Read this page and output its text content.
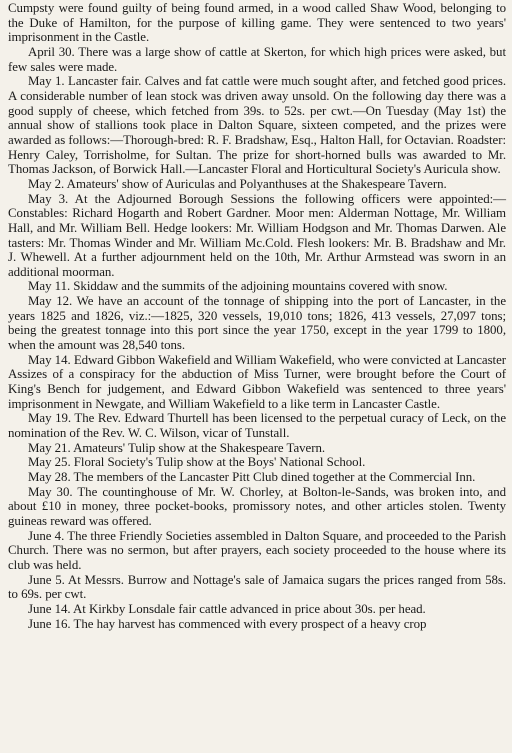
Cumpsty were found guilty of being found armed, in a wood called Shaw Wood, belonging to the Duke of Hamilton, for the purpose of killing game. They were sentenced to two years' imprisonment in the Castle.

April 30. There was a large show of cattle at Skerton, for which high prices were asked, but few sales were made.

May 1. Lancaster fair. Calves and fat cattle were much sought after, and fetched good prices. A considerable number of lean stock was driven away unsold. On the following day there was a good supply of cheese, which fetched from 39s. to 52s. per cwt.—On Tuesday (May 1st) the annual show of stallions took place in Dalton Square, sixteen competed, and the prizes were awarded as follows:—Thorough-bred: R. F. Bradshaw, Esq., Halton Hall, for Octavian. Roadster: Henry Caley, Torrisholme, for Sultan. The prize for short-horned bulls was awarded to Mr. Thomas Jackson, of Borwick Hall.—Lancaster Floral and Horticultural Society's Auricula show.

May 2. Amateurs' show of Auriculas and Polyanthuses at the Shakespeare Tavern.

May 3. At the Adjourned Borough Sessions the following officers were appointed:—Constables: Richard Hogarth and Robert Gardner. Moor men: Alderman Nottage, Mr. William Hall, and Mr. William Bell. Hedge lookers: Mr. William Hodgson and Mr. Thomas Darwen. Ale tasters: Mr. Thomas Winder and Mr. William Mc.Cold. Flesh lookers: Mr. B. Bradshaw and Mr. J. Whewell. At a further adjournment held on the 10th, Mr. Arthur Armstead was sworn in an additional moorman.

May 11. Skiddaw and the summits of the adjoining mountains covered with snow.

May 12. We have an account of the tonnage of shipping into the port of Lancaster, in the years 1825 and 1826, viz.:—1825, 320 vessels, 19,010 tons; 1826, 413 vessels, 27,097 tons; being the greatest tonnage into this port since the year 1750, except in the year 1799 to 1800, when the amount was 28,540 tons.

May 14. Edward Gibbon Wakefield and William Wakefield, who were convicted at Lancaster Assizes of a conspiracy for the abduction of Miss Turner, were brought before the Court of King's Bench for judgement, and Edward Gibbon Wakefield was sentenced to three years' imprisonment in Newgate, and William Wakefield to a like term in Lancaster Castle.

May 19. The Rev. Edward Thurtell has been licensed to the perpetual curacy of Leck, on the nomination of the Rev. W. C. Wilson, vicar of Tunstall.

May 21. Amateurs' Tulip show at the Shakespeare Tavern.

May 25. Floral Society's Tulip show at the Boys' National School.

May 28. The members of the Lancaster Pitt Club dined together at the Commercial Inn.

May 30. The countinghouse of Mr. W. Chorley, at Bolton-le-Sands, was broken into, and about £10 in money, three pocket-books, promissory notes, and other articles stolen. Twenty guineas reward was offered.

June 4. The three Friendly Societies assembled in Dalton Square, and proceeded to the Parish Church. There was no sermon, but after prayers, each society proceeded to the house where its club was held.

June 5. At Messrs. Burrow and Nottage's sale of Jamaica sugars the prices ranged from 58s. to 69s. per cwt.

June 14. At Kirkby Lonsdale fair cattle advanced in price about 30s. per head.

June 16. The hay harvest has commenced with every prospect of a heavy crop
